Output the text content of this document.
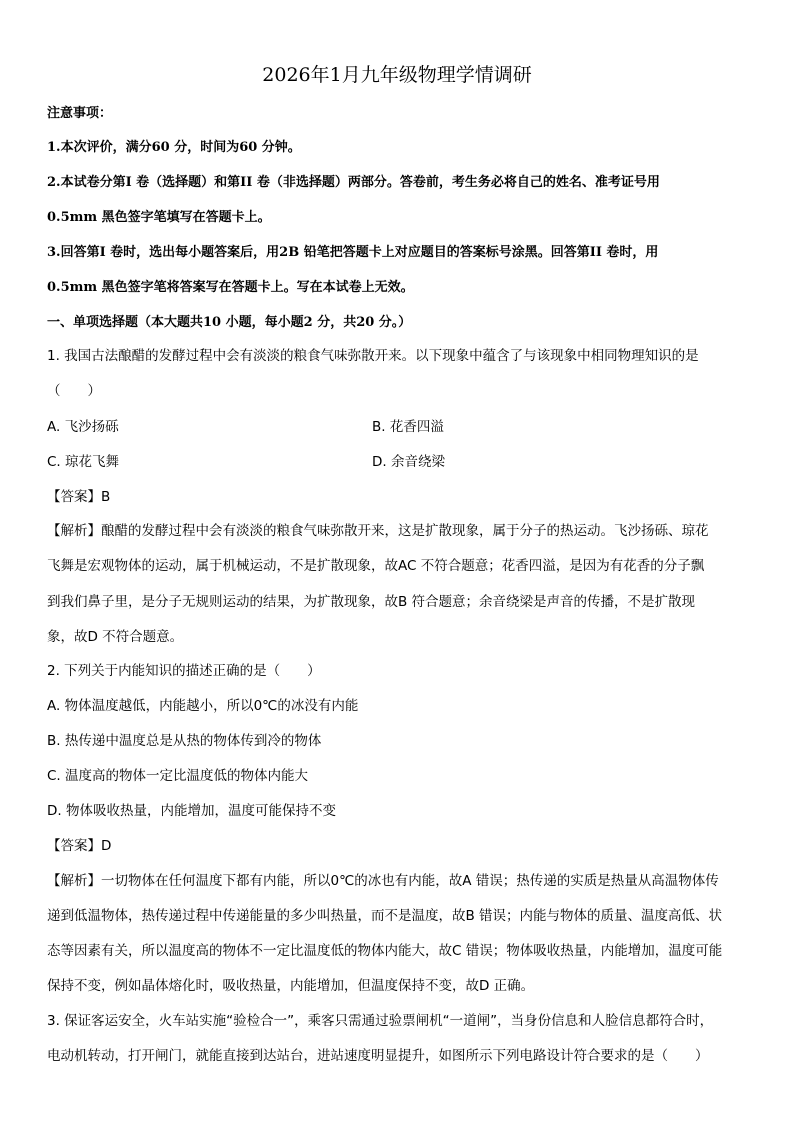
2026年1月九年级物理学情调研
注意事项：
1.本次评价，满分60 分，时间为60 分钟。
2.本试卷分第I 卷（选择题）和第II 卷（非选择题）两部分。答卷前，考生务必将自己的姓名、准考证号用
0.5mm 黑色签字笔填写在答题卡上。
3.回答第I 卷时，选出每小题答案后，用2B 铅笔把答题卡上对应题目的答案标号涂黑。回答第II 卷时，用
0.5mm 黑色签字笔将答案写在答题卡上。写在本试卷上无效。
一、单项选择题（本大题共10 小题，每小题2 分，共20 分。）
1. 我国古法酿醋的发酵过程中会有淡淡的粮食气味弥散开来。以下现象中蕴含了与该现象中相同物理知识的是
（　　）
A. 飞沙扬砾	B. 花香四溢
C. 琼花飞舞	D. 余音绕梁
【答案】B
【解析】酿醋的发酵过程中会有淡淡的粮食气味弥散开来，这是扩散现象，属于分子的热运动。飞沙扬砾、琼花
飞舞是宏观物体的运动，属于机械运动，不是扩散现象，故AC 不符合题意；花香四溢，是因为有花香的分子飘
到我们鼻子里，是分子无规则运动的结果，为扩散现象，故B 符合题意；余音绕梁是声音的传播，不是扩散现
象，故D 不符合题意。
2. 下列关于内能知识的描述正确的是（　　）
A. 物体温度越低，内能越小，所以0℃的冰没有内能
B. 热传递中温度总是从热的物体传到冷的物体
C. 温度高的物体一定比温度低的物体内能大
D. 物体吸收热量，内能增加，温度可能保持不变
【答案】D
【解析】一切物体在任何温度下都有内能，所以0℃的冰也有内能，故A 错误；热传递的实质是热量从高温物体传
递到低温物体，热传递过程中传递能量的多少叫热量，而不是温度，故B 错误；内能与物体的质量、温度高低、状
态等因素有关，所以温度高的物体不一定比温度低的物体内能大，故C 错误；物体吸收热量，内能增加，温度可能
保持不变，例如晶体熔化时，吸收热量，内能增加，但温度保持不变，故D 正确。
3. 保证客运安全，火车站实施“验检合一”，乘客只需通过验票闸机“一道闸”，当身份信息和人脸信息都符合时，
电动机转动，打开闸门，就能直接到达站台，进站速度明显提升，如图所示下列电路设计符合要求的是（　　）
